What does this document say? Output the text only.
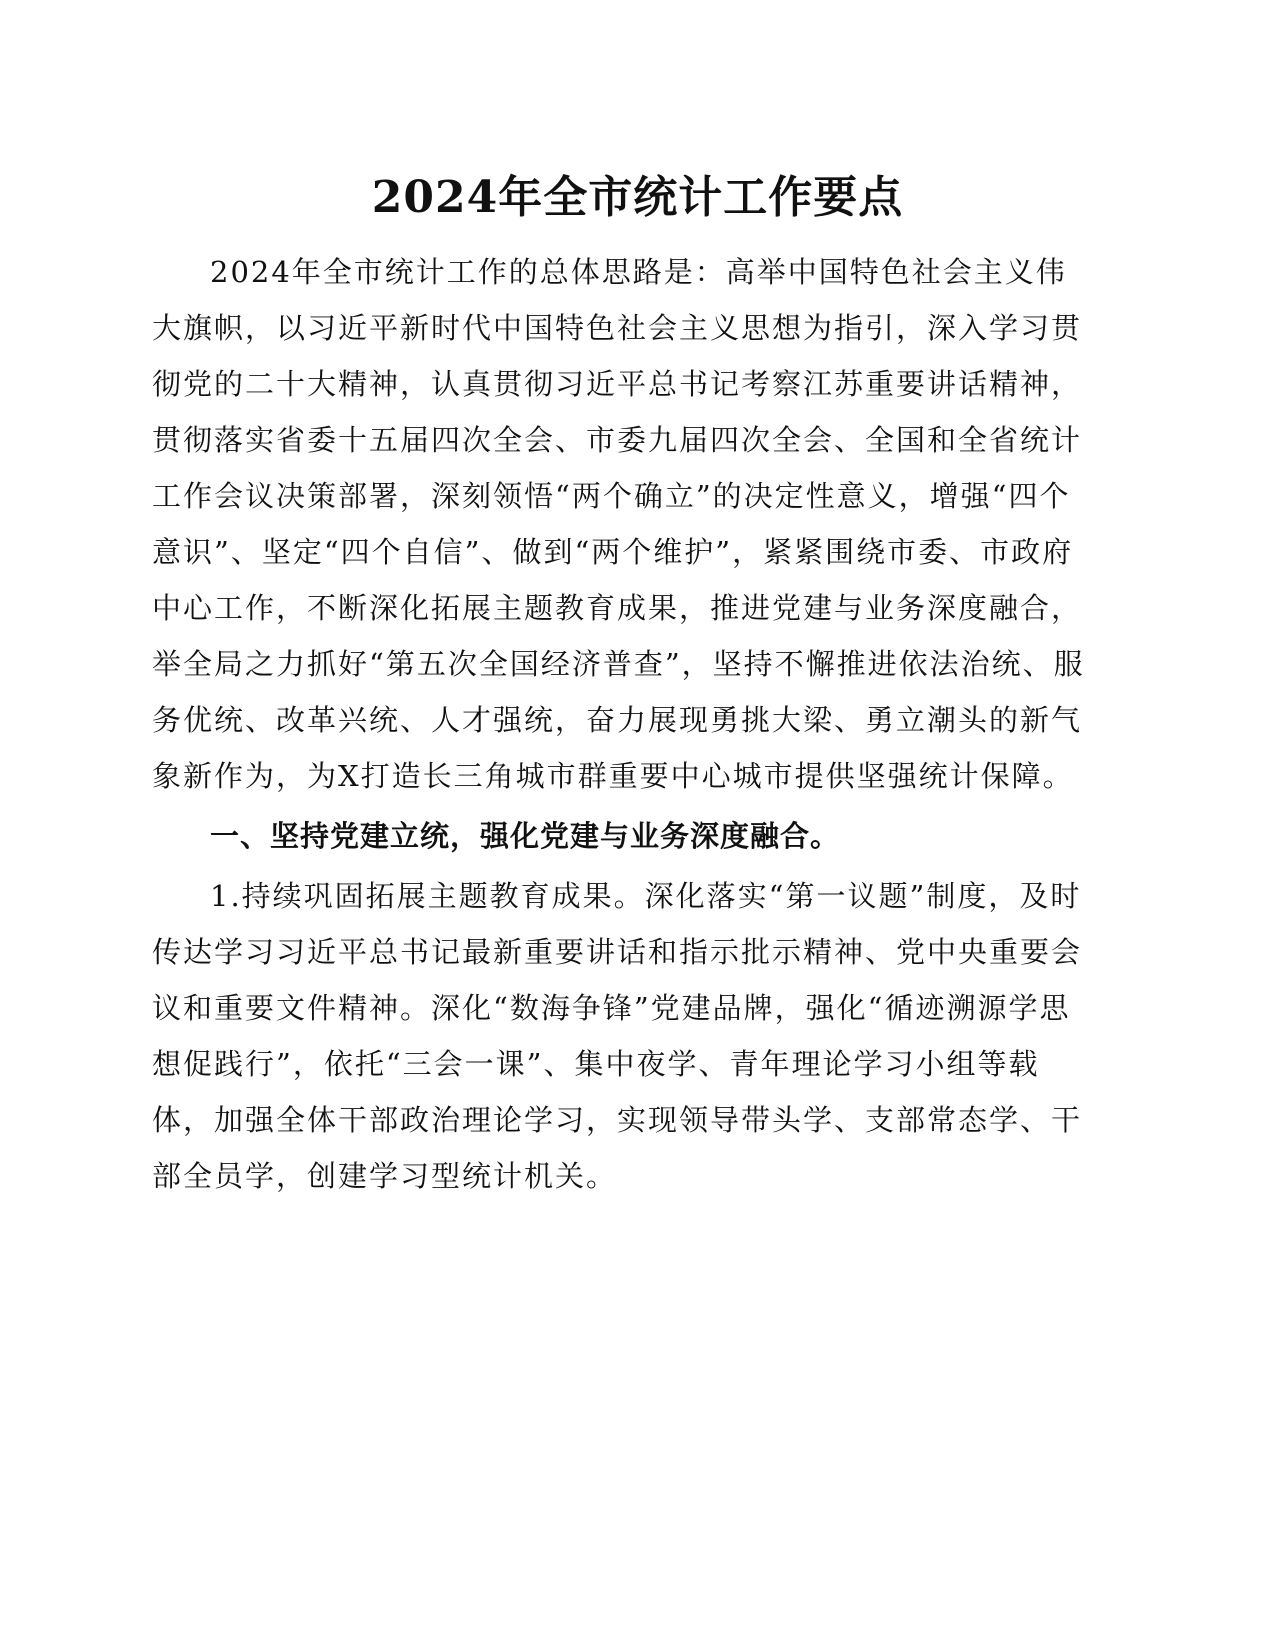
2024年全市统计工作要点

2024年全市统计工作的总体思路是：高举中国特色社会主义伟大旗帜，以习近平新时代中国特色社会主义思想为指引，深入学习贯彻党的二十大精神，认真贯彻习近平总书记考察江苏重要讲话精神，贯彻落实省委十五届四次全会、市委九届四次全会、全国和全省统计工作会议决策部署，深刻领悟“两个确立”的决定性意义，增强“四个意识”、坚定“四个自信”、做到“两个维护”，紧紧围绕市委、市政府中心工作，不断深化拓展主题教育成果，推进党建与业务深度融合，举全局之力抓好“第五次全国经济普查”，坚持不懈推进依法治统、服务优统、改革兴统、人才强统，奋力展现勇挑大梁、勇立潮头的新气象新作为，为X打造长三角城市群重要中心城市提供坚强统计保障。

一、坚持党建立统，强化党建与业务深度融合。

1.持续巩固拓展主题教育成果。深化落实“第一议题”制度，及时传达学习习近平总书记最新重要讲话和指示批示精神、党中央重要会议和重要文件精神。深化“数海争锋”党建品牌，强化“循迹溯源学思想促践行”，依托“三会一课”、集中夜学、青年理论学习小组等载体，加强全体干部政治理论学习，实现领导带头学、支部常态学、干部全员学，创建学习型统计机关。
